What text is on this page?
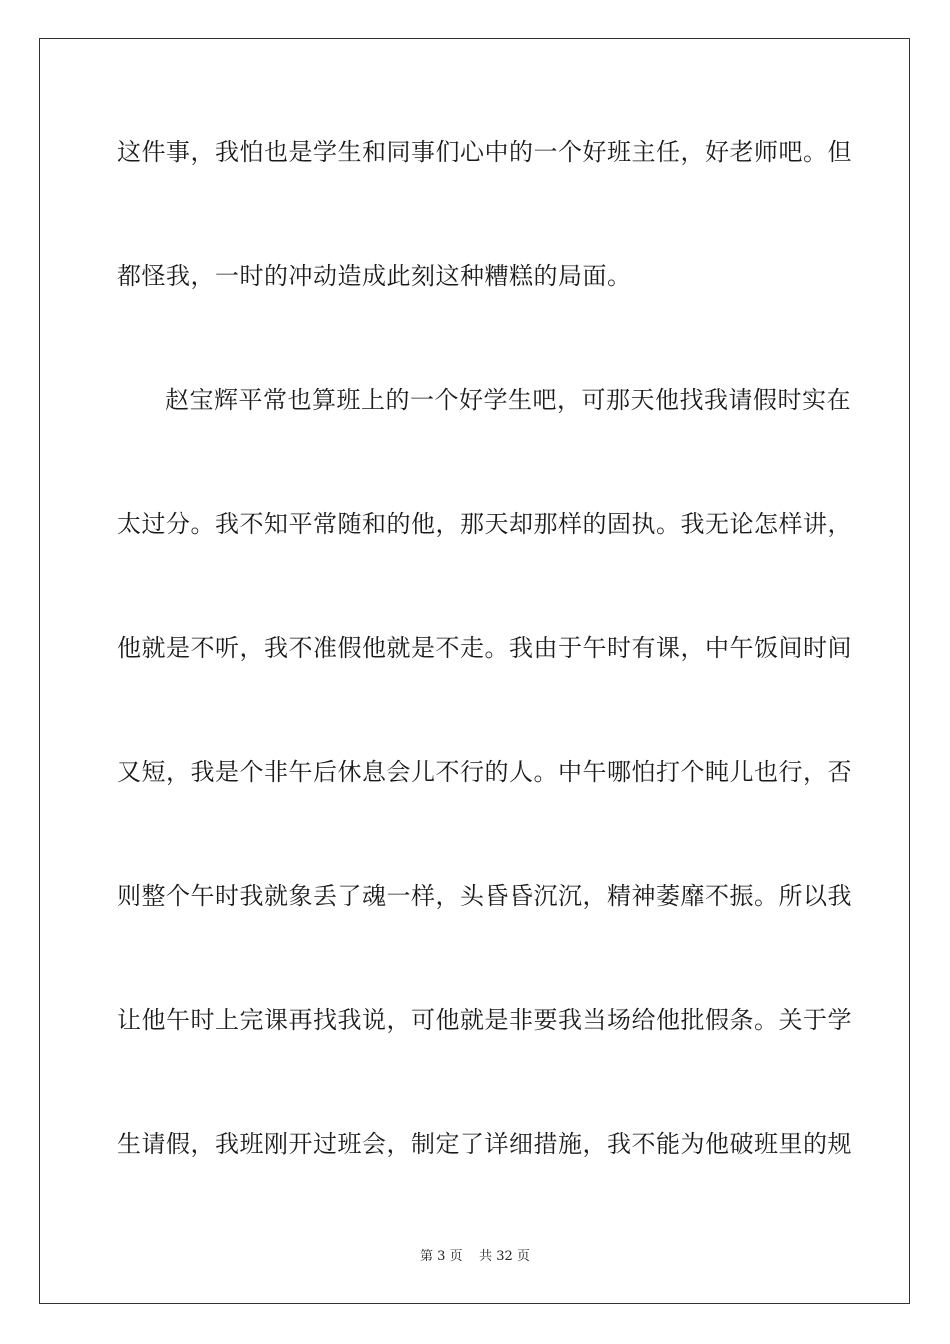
这件事，我怕也是学生和同事们心中的一个好班主任，好老师吧。但
都怪我，一时的冲动造成此刻这种糟糕的局面。
赵宝辉平常也算班上的一个好学生吧，可那天他找我请假时实在
太过分。我不知平常随和的他，那天却那样的固执。我无论怎样讲，
他就是不听，我不准假他就是不走。我由于午时有课，中午饭间时间
又短，我是个非午后休息会儿不行的人。中午哪怕打个盹儿也行，否
则整个午时我就象丢了魂一样，头昏昏沉沉，精神萎靡不振。所以我
让他午时上完课再找我说，可他就是非要我当场给他批假条。关于学
生请假，我班刚开过班会，制定了详细措施，我不能为他破班里的规
第 3 页 共 32 页
